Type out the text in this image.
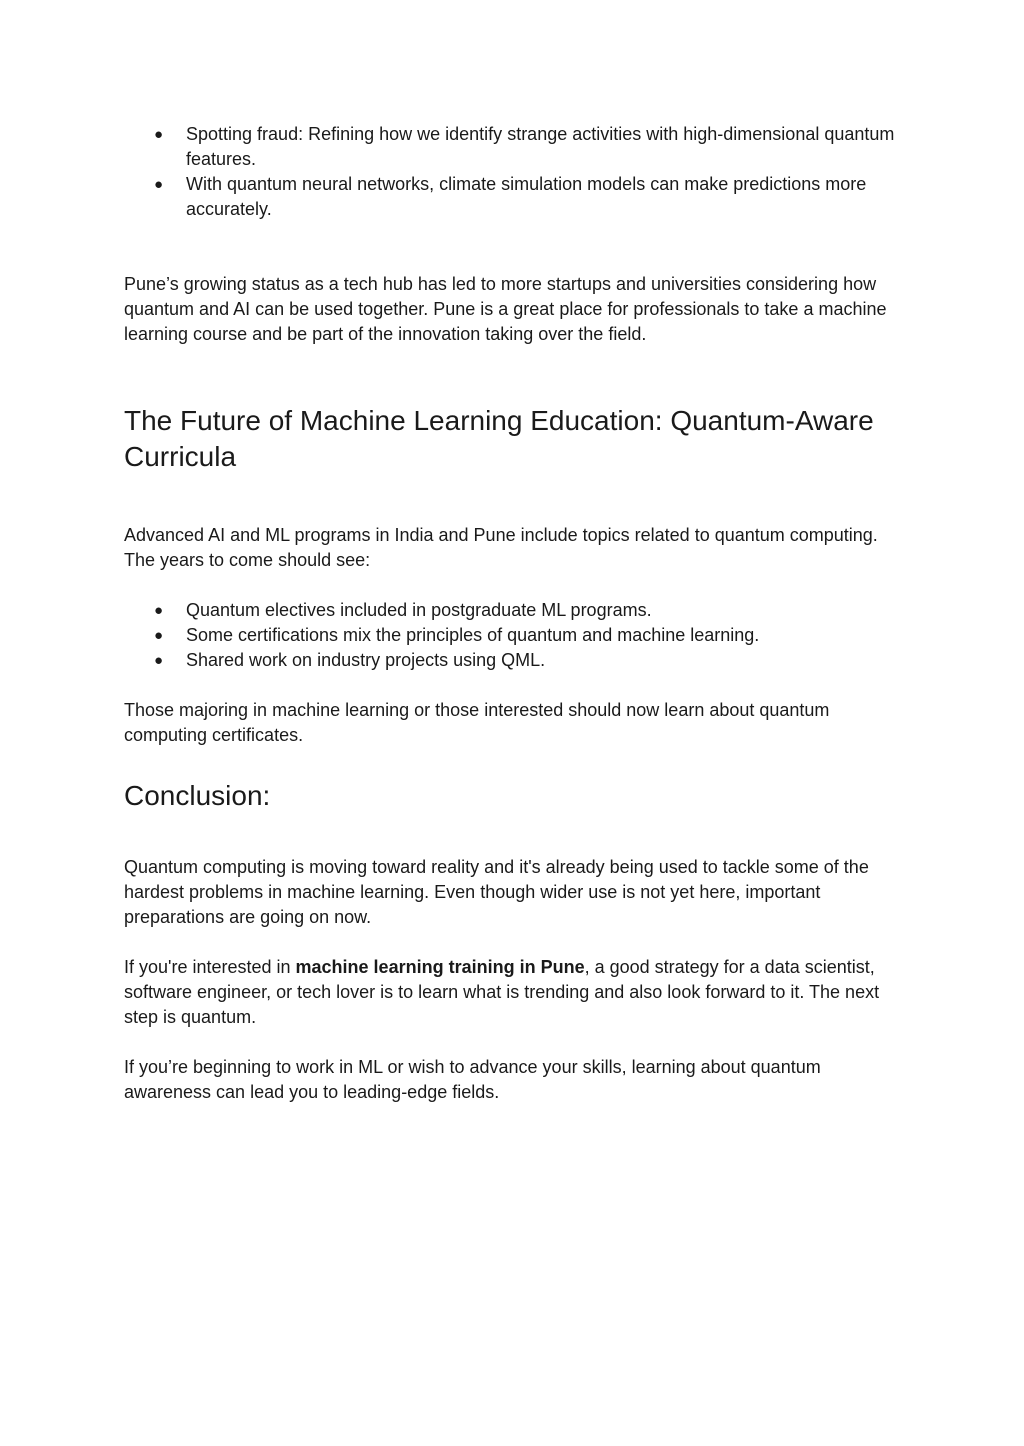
● Spotting fraud: Refining how we identify strange activities with high-dimensional quantum features.
● With quantum neural networks, climate simulation models can make predictions more accurately.

Pune’s growing status as a tech hub has led to more startups and universities considering how quantum and AI can be used together. Pune is a great place for professionals to take a machine learning course and be part of the innovation taking over the field.

The Future of Machine Learning Education: Quantum-Aware Curricula

Advanced AI and ML programs in India and Pune include topics related to quantum computing. The years to come should see:

● Quantum electives included in postgraduate ML programs.
● Some certifications mix the principles of quantum and machine learning.
● Shared work on industry projects using QML.

Those majoring in machine learning or those interested should now learn about quantum computing certificates.

Conclusion:

Quantum computing is moving toward reality and it's already being used to tackle some of the hardest problems in machine learning. Even though wider use is not yet here, important preparations are going on now.

If you're interested in machine learning training in Pune, a good strategy for a data scientist, software engineer, or tech lover is to learn what is trending and also look forward to it. The next step is quantum.

If you’re beginning to work in ML or wish to advance your skills, learning about quantum awareness can lead you to leading-edge fields.
